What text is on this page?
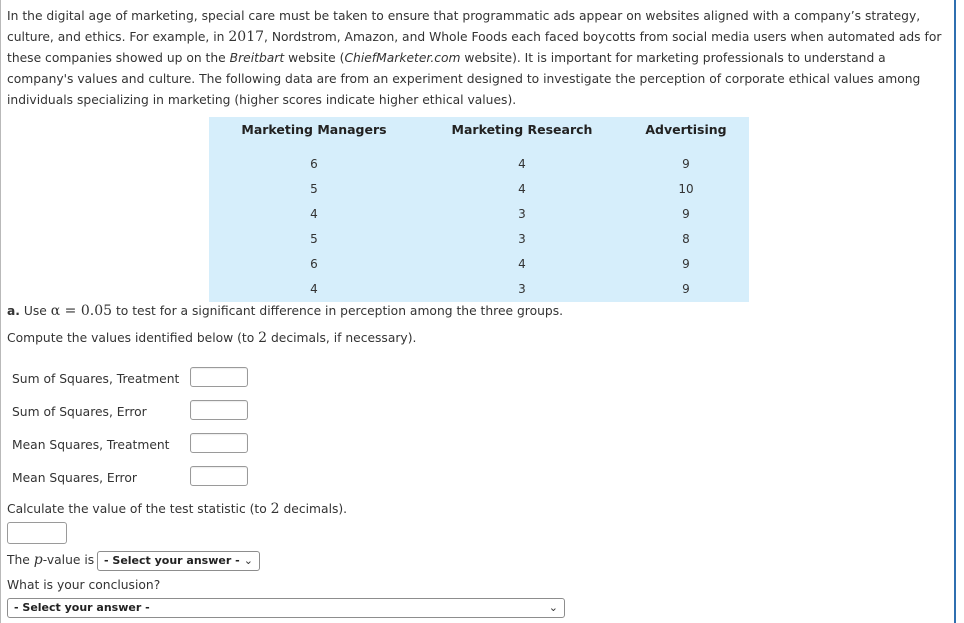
In the digital age of marketing, special care must be taken to ensure that programmatic ads appear on websites aligned with a company’s strategy, culture, and ethics. For example, in 2017, Nordstrom, Amazon, and Whole Foods each faced boycotts from social media users when automated ads for these companies showed up on the Breitbart website (ChiefMarketer.com website). It is important for marketing professionals to understand a company's values and culture. The following data are from an experiment designed to investigate the perception of corporate ethical values among individuals specializing in marketing (higher scores indicate higher ethical values).

Marketing Managers	Marketing Research	Advertising
6	4	9
5	4	10
4	3	9
5	3	8
6	4	9
4	3	9

a. Use α = 0.05 to test for a significant difference in perception among the three groups.

Compute the values identified below (to 2 decimals, if necessary).

Sum of Squares, Treatment
Sum of Squares, Error
Mean Squares, Treatment
Mean Squares, Error

Calculate the value of the test statistic (to 2 decimals).

The p-value is - Select your answer - ⌄

What is your conclusion?

- Select your answer -	⌄
